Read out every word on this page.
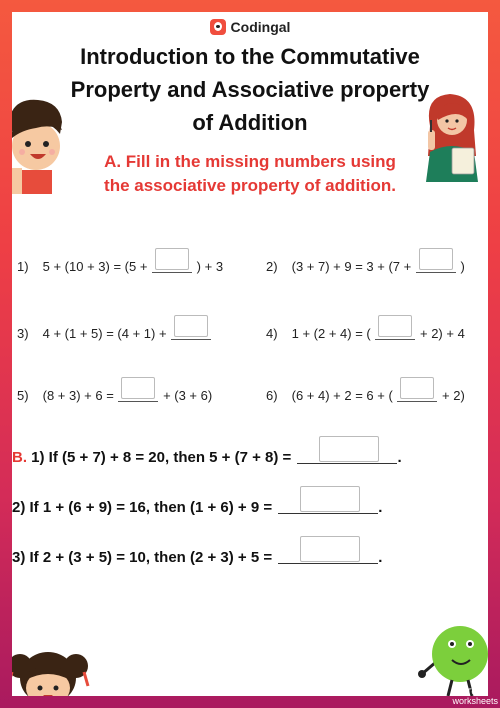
Codingal
Introduction to the Commutative
Property and Associative property
of Addition
A. Fill in the missing numbers using
the associative property of addition.
1) 5 + (10 + 3) = (5 +	) + 3	2) (3 + 7) + 9 = 3 + (7 +	)
3) 4 + (1 + 5) = (4 + 1) +	4) 1 + (2 + 4) = (	+ 2) + 4
5) (8 + 3) + 6 =	+ (3 + 6)	6) (6 + 4) + 2 = 6 + (	+ 2)
B. 1) If (5 + 7) + 8 = 20, then 5 + (7 + 8) =	.
2) If 1 + (6 + 9) = 16, then (1 + 6) + 9 =	.
3) If 2 + (3 + 5) = 10, then (2 + 3) + 5 =	.
TOP
worksheets
